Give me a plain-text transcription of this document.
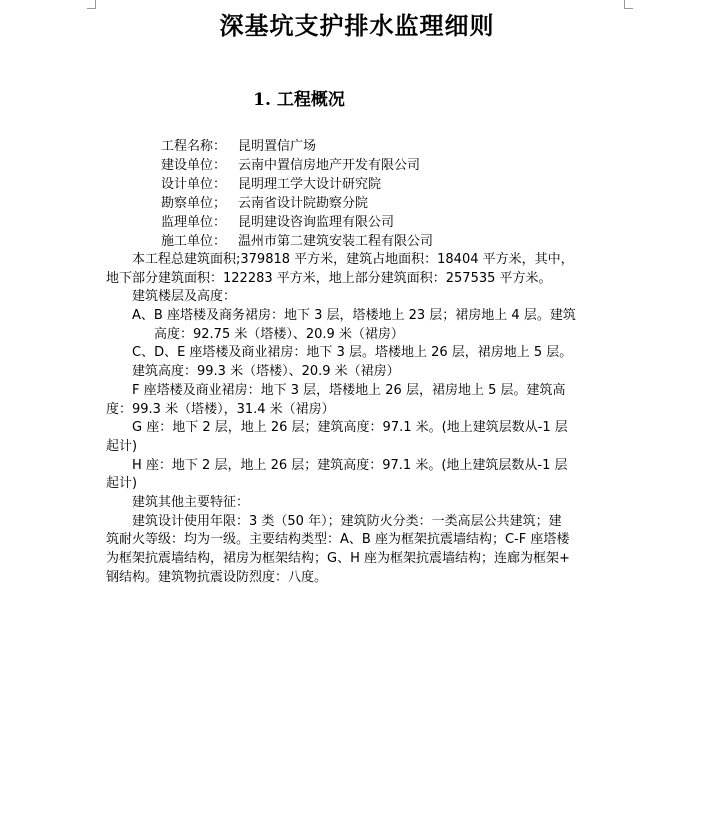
深基坑支护排水监理细则
1. 工程概况
工程名称： 昆明置信广场
建设单位： 云南中置信房地产开发有限公司
设计单位： 昆明理工学大设计研究院
勘察单位； 云南省设计院勘察分院
监理单位： 昆明建设咨询监理有限公司
施工单位： 温州市第二建筑安装工程有限公司
本工程总建筑面积;379818 平方米，建筑占地面积：18404 平方米，其中，
地下部分建筑面积：122283 平方米，地上部分建筑面积：257535 平方米。
建筑楼层及高度：
A、B 座塔楼及商务裙房：地下 3 层，塔楼地上 23 层；裙房地上 4 层。建筑
高度：92.75 米（塔楼）、20.9 米（裙房）
C、D、E 座塔楼及商业裙房：地下 3 层。塔楼地上 26 层，裙房地上 5 层。
建筑高度：99.3 米（塔楼）、20.9 米（裙房）
F 座塔楼及商业裙房：地下 3 层，塔楼地上 26 层，裙房地上 5 层。建筑高
度：99.3 米（塔楼），31.4 米（裙房）
G 座：地下 2 层，地上 26 层；建筑高度：97.1 米。(地上建筑层数从-1 层
起计)
H 座：地下 2 层，地上 26 层；建筑高度：97.1 米。(地上建筑层数从-1 层
起计)
建筑其他主要特征：
建筑设计使用年限：3 类（50 年）；建筑防火分类：一类高层公共建筑；建
筑耐火等级：均为一级。主要结构类型：A、B 座为框架抗震墙结构；C-F 座塔楼
为框架抗震墙结构，裙房为框架结构；G、H 座为框架抗震墙结构；连廊为框架+
钢结构。建筑物抗震设防烈度：八度。
